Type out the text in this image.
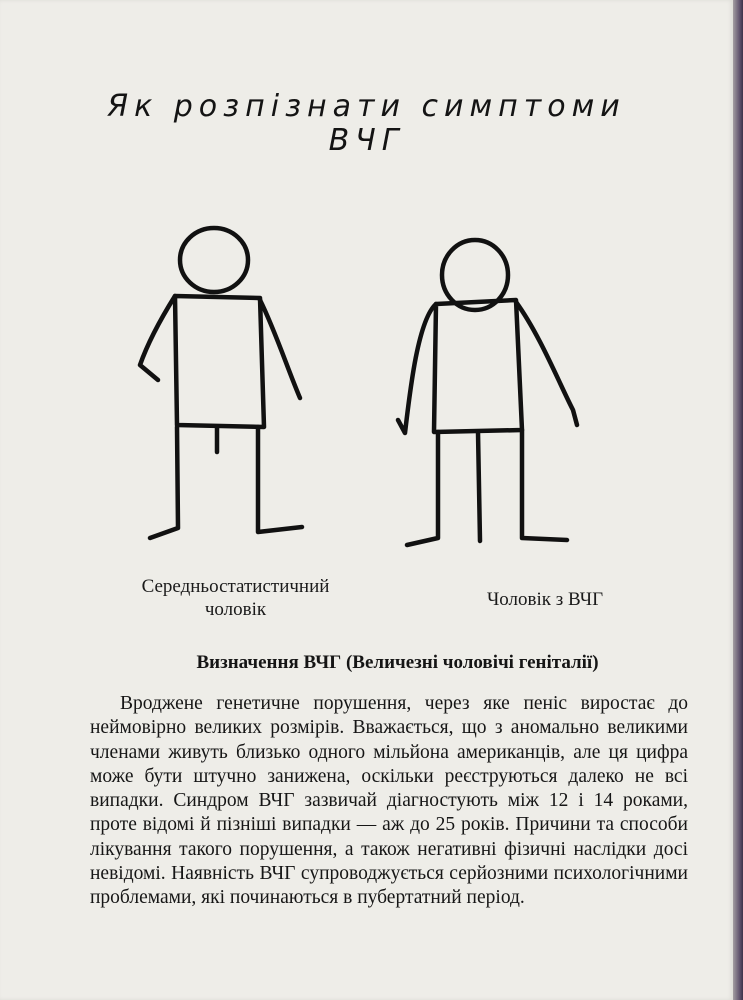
Як розпізнати симптоми
ВЧГ
Середньостатистичний
чоловік	Чоловік з ВЧГ
Визначення ВЧГ (Величезні чоловічі геніталії)

Вроджене генетичне порушення, через яке пеніс виростає до неймовірно великих розмірів. Вважається, що з аномально великими членами живуть близько одного мільйона американців, але ця цифра може бути штучно занижена, оскільки реєструються далеко не всі випадки. Синдром ВЧГ зазвичай діагностують між 12 і 14 роками, проте відомі й пізніші випадки — аж до 25 років. Причини та способи лікування такого порушення, а також негативні фізичні наслідки досі невідомі. Наявність ВЧГ супроводжується серйозними психологічними проблемами, які починаються в пубертатний період.
